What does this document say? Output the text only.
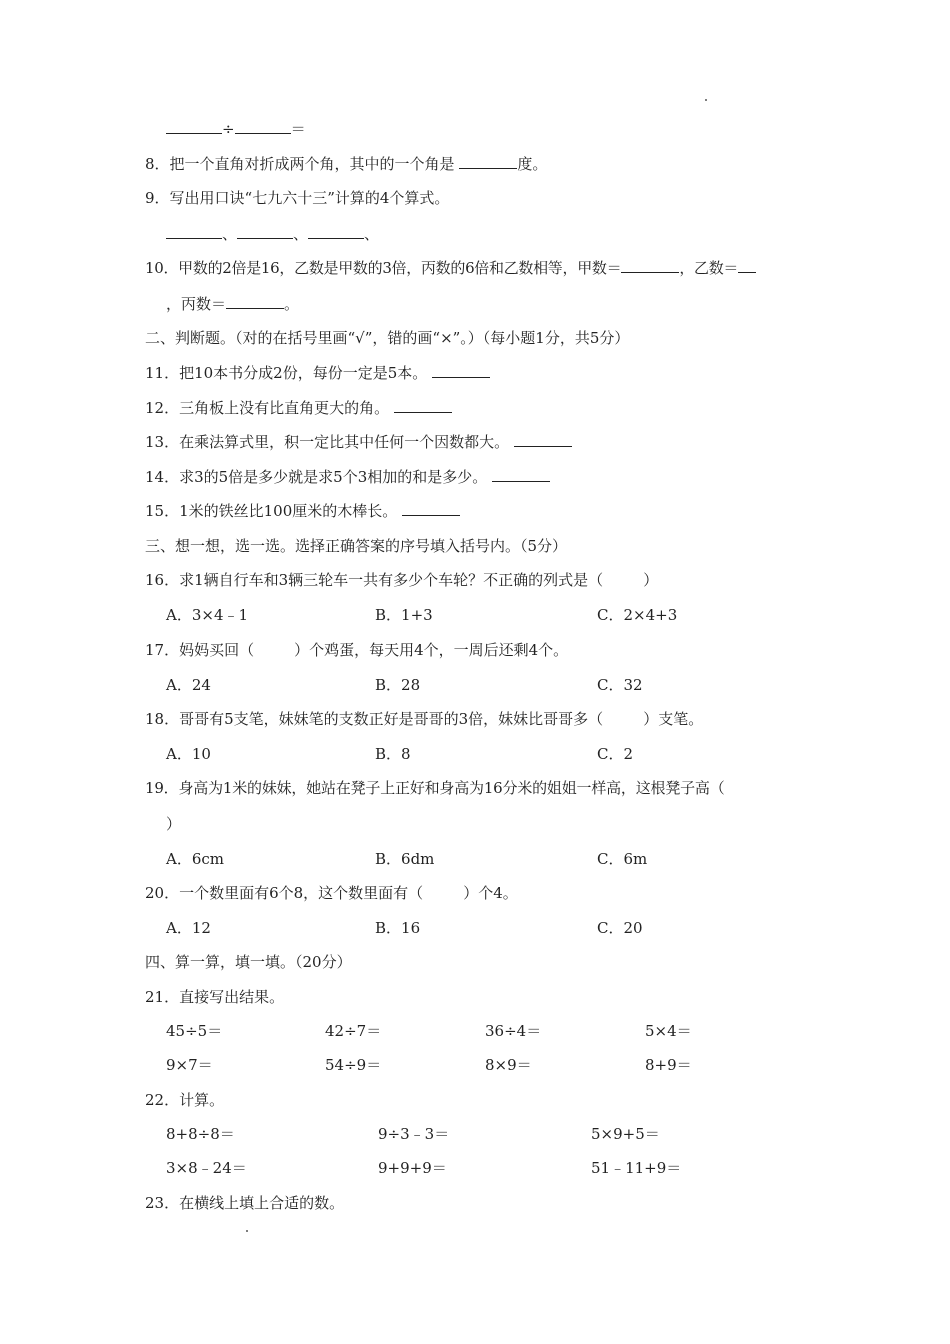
÷	＝
8．把一个直角对折成两个角，其中的一个角是	度。
9．写出用口诀“七九六十三”计算的4个算式。
、	、	、
10．甲数的2倍是16，乙数是甲数的3倍，丙数的6倍和乙数相等，甲数＝	，乙数＝
，丙数＝	。
二、判断题。（对的在括号里画“√”，错的画“×”。）（每小题1分，共5分）
11．把10本书分成2份，每份一定是5本。
12．三角板上没有比直角更大的角。
13．在乘法算式里，积一定比其中任何一个因数都大。
14．求3的5倍是多少就是求5个3相加的和是多少。
15．1米的铁丝比100厘米的木棒长。
三、想一想，选一选。选择正确答案的序号填入括号内。（5分）
16．求1辆自行车和3辆三轮车一共有多少个车轮？不正确的列式是（	）
A．3×4﹣1	B．1+3	C．2×4+3
17．妈妈买回（	）个鸡蛋，每天用4个，一周后还剩4个。
A．24	B．28	C．32
18．哥哥有5支笔，妹妹笔的支数正好是哥哥的3倍，妹妹比哥哥多（	）支笔。
A．10	B．8	C．2
19．身高为1米的妹妹，她站在凳子上正好和身高为16分米的姐姐一样高，这根凳子高（
）
A．6cm	B．6dm	C．6m
20．一个数里面有6个8，这个数里面有（	）个4。
A．12	B．16	C．20
四、算一算，填一填。（20分）
21．直接写出结果。
45÷5＝	42÷7＝	36÷4＝	5×4＝
9×7＝	54÷9＝	8×9＝	8+9＝
22．计算。
8+8÷8＝	9÷3﹣3＝	5×9+5＝
3×8﹣24＝	9+9+9＝	51﹣11+9＝
23．在横线上填上合适的数。
